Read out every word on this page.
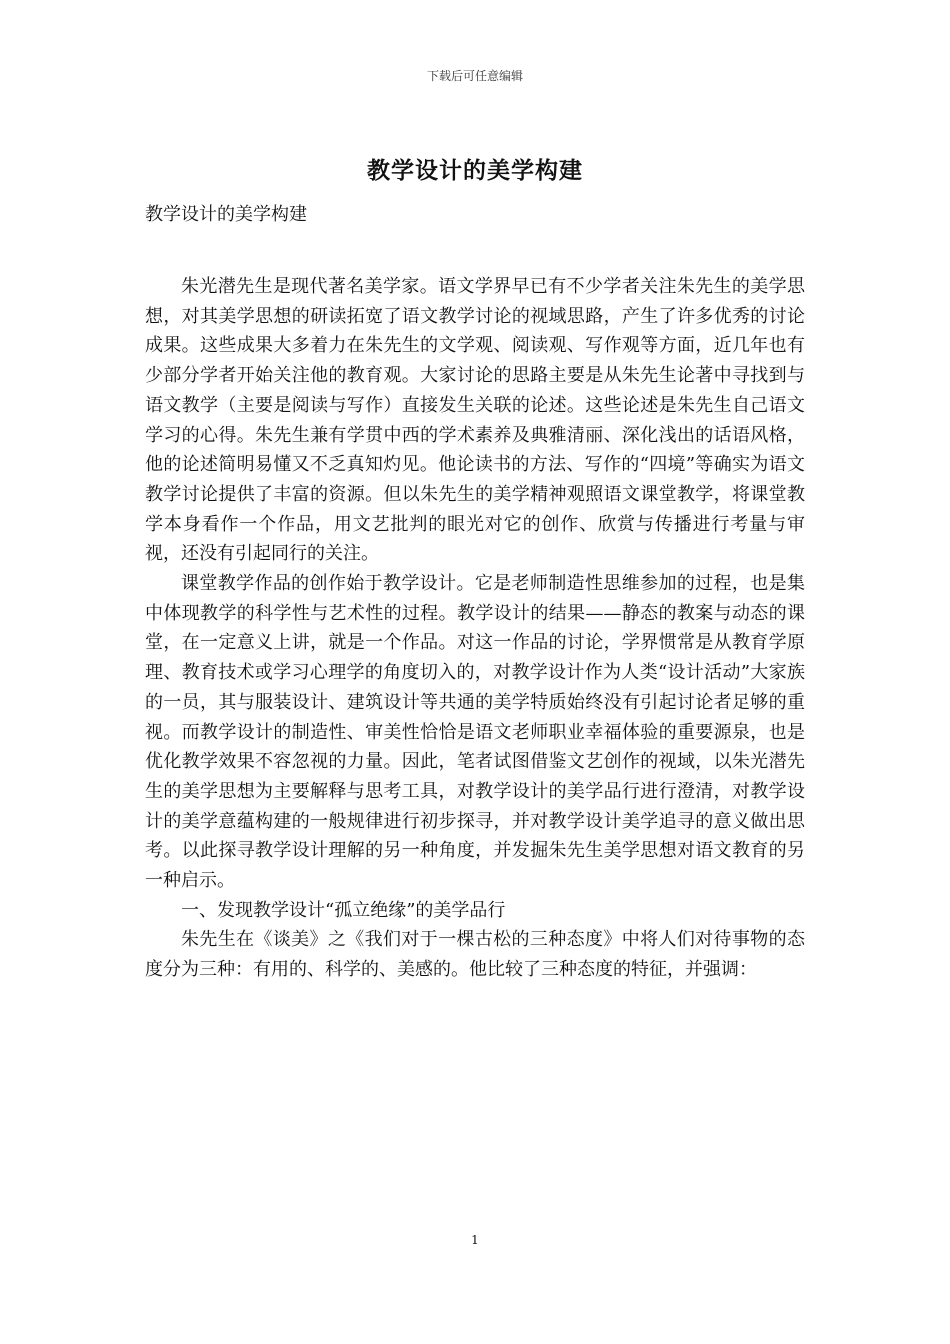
下载后可任意编辑
教学设计的美学构建
教学设计的美学构建

朱光潜先生是现代著名美学家。语文学界早已有不少学者关注朱先生的美学思想，对其美学思想的研读拓宽了语文教学讨论的视域思路，产生了许多优秀的讨论成果。这些成果大多着力在朱先生的文学观、阅读观、写作观等方面，近几年也有少部分学者开始关注他的教育观。大家讨论的思路主要是从朱先生论著中寻找到与语文教学（主要是阅读与写作）直接发生关联的论述。这些论述是朱先生自己语文学习的心得。朱先生兼有学贯中西的学术素养及典雅清丽、深化浅出的话语风格，他的论述简明易懂又不乏真知灼见。他论读书的方法、写作的“四境”等确实为语文教学讨论提供了丰富的资源。但以朱先生的美学精神观照语文课堂教学，将课堂教学本身看作一个作品，用文艺批判的眼光对它的创作、欣赏与传播进行考量与审视，还没有引起同行的关注。

课堂教学作品的创作始于教学设计。它是老师制造性思维参加的过程，也是集中体现教学的科学性与艺术性的过程。教学设计的结果——静态的教案与动态的课堂，在一定意义上讲，就是一个作品。对这一作品的讨论，学界惯常是从教育学原理、教育技术或学习心理学的角度切入的，对教学设计作为人类“设计活动”大家族的一员，其与服装设计、建筑设计等共通的美学特质始终没有引起讨论者足够的重视。而教学设计的制造性、审美性恰恰是语文老师职业幸福体验的重要源泉，也是优化教学效果不容忽视的力量。因此，笔者试图借鉴文艺创作的视域，以朱光潜先生的美学思想为主要解释与思考工具，对教学设计的美学品行进行澄清，对教学设计的美学意蕴构建的一般规律进行初步探寻，并对教学设计美学追寻的意义做出思考。以此探寻教学设计理解的另一种角度，并发掘朱先生美学思想对语文教育的另一种启示。

一、发现教学设计“孤立绝缘”的美学品行

朱先生在《谈美》之《我们对于一棵古松的三种态度》中将人们对待事物的态度分为三种：有用的、科学的、美感的。他比较了三种态度的特征，并强调：

1
